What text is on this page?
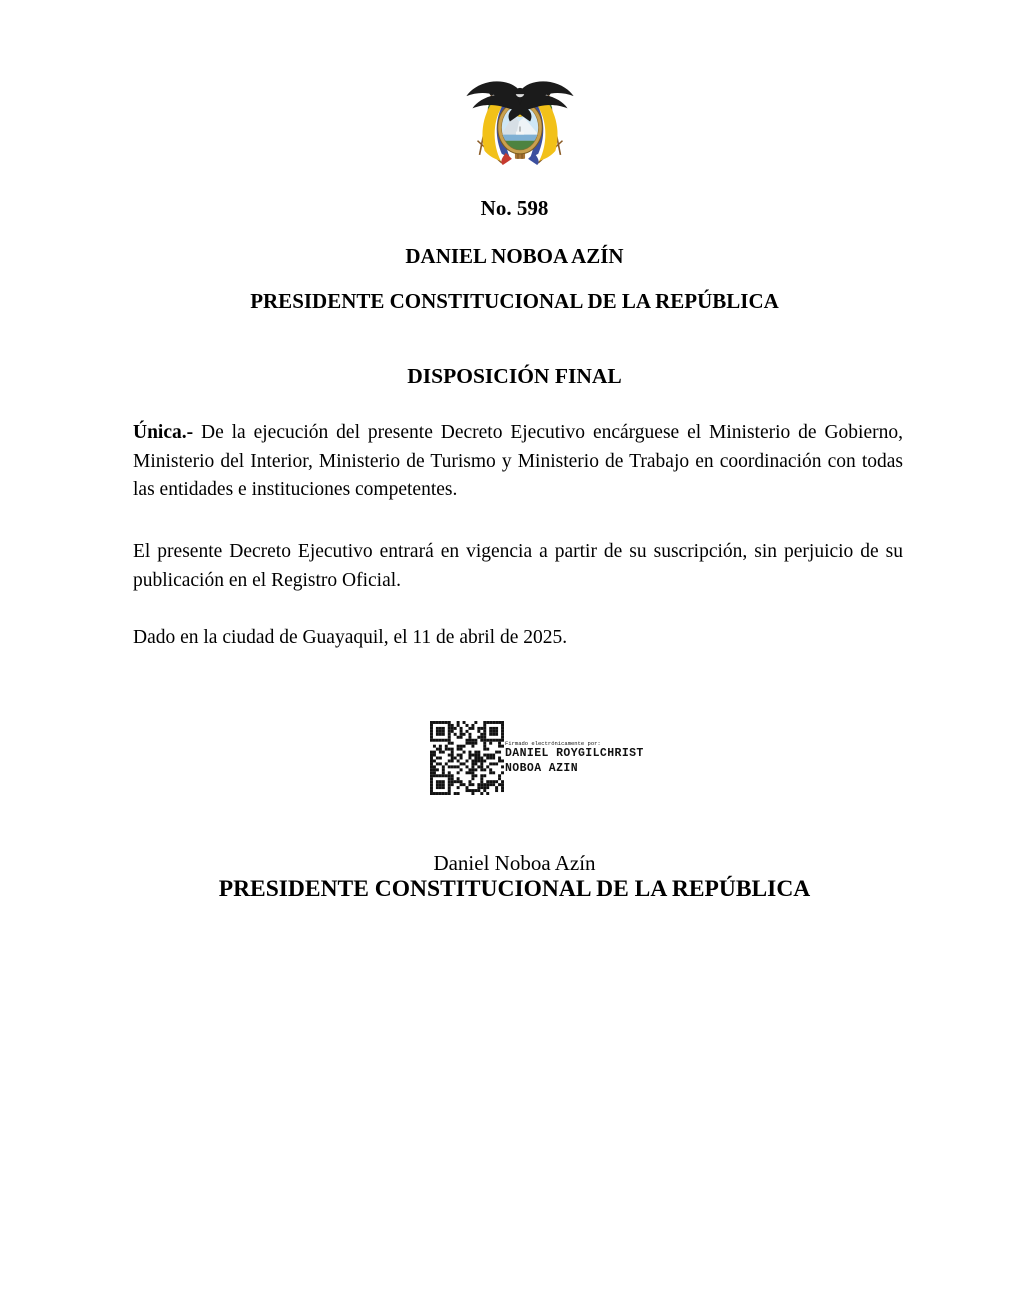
No. 598
DANIEL NOBOA AZÍN
PRESIDENTE CONSTITUCIONAL DE LA REPÚBLICA
DISPOSICIÓN FINAL

Única.- De la ejecución del presente Decreto Ejecutivo encárguese el Ministerio de Gobierno, Ministerio del Interior, Ministerio de Turismo y Ministerio de Trabajo en coordinación con todas las entidades e instituciones competentes.

El presente Decreto Ejecutivo entrará en vigencia a partir de su suscripción, sin perjuicio de su publicación en el Registro Oficial.

Dado en la ciudad de Guayaquil, el 11 de abril de 2025.

Firmado electrónicamente por:
DANIEL ROYGILCHRIST
NOBOA AZIN
Daniel Noboa Azín
PRESIDENTE CONSTITUCIONAL DE LA REPÚBLICA
